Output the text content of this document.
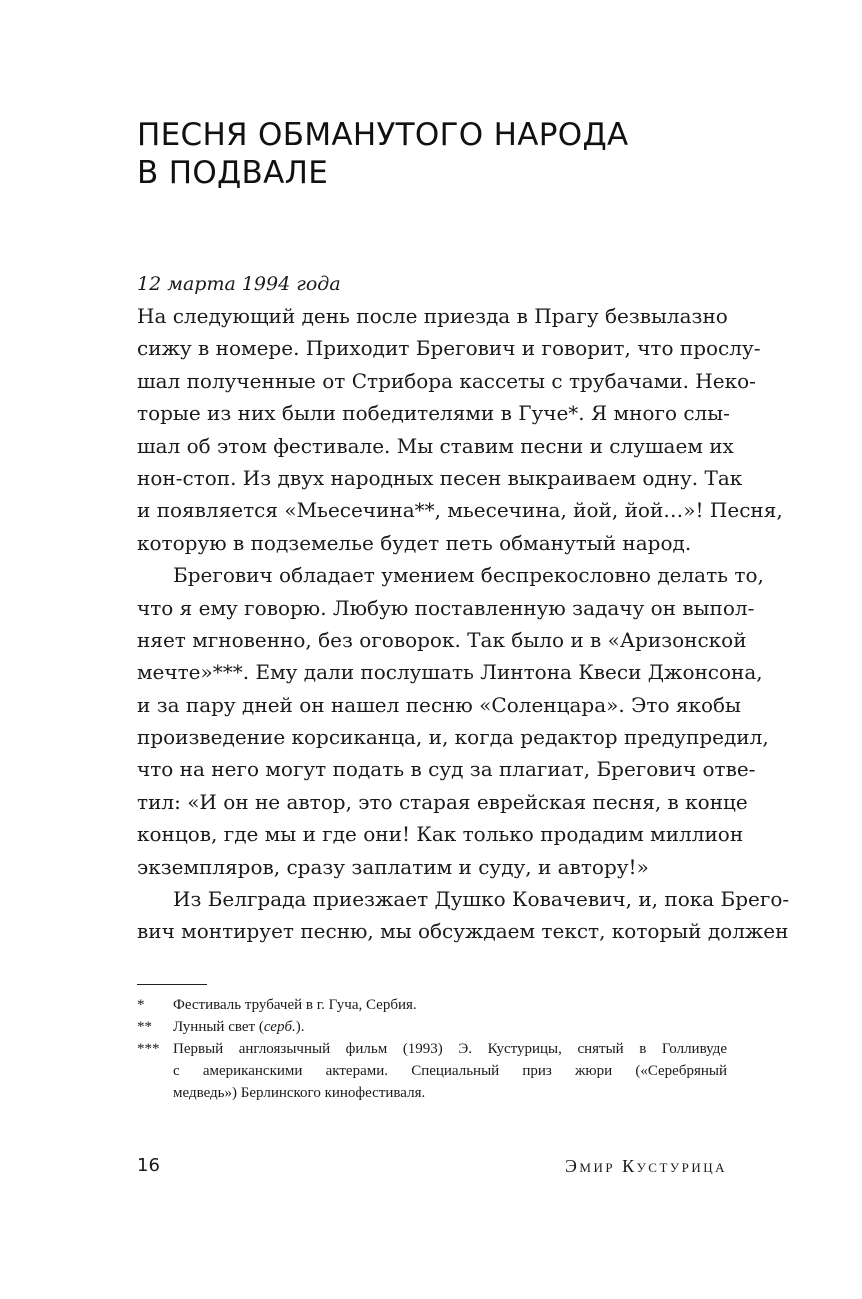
ПЕСНЯ ОБМАНУТОГО НАРОДА
В ПОДВАЛЕ
12 марта 1994 года
На следующий день после приезда в Прагу безвылазно
сижу в номере. Приходит Брегович и говорит, что прослу-
шал полученные от Стрибора кассеты с трубачами. Неко-
торые из них были победителями в Гуче*. Я много слы-
шал об этом фестивале. Мы ставим песни и слушаем их
нон-стоп. Из двух народных песен выкраиваем одну. Так
и появляется «Мьесечина**, мьесечина, йой, йой…»! Песня,
которую в подземелье будет петь обманутый народ.
Брегович обладает умением беспрекословно делать то,
что я ему говорю. Любую поставленную задачу он выпол-
няет мгновенно, без оговорок. Так было и в «Аризонской
мечте»***. Ему дали послушать Линтона Квеси Джонсона,
и за пару дней он нашел песню «Соленцара». Это якобы
произведение корсиканца, и, когда редактор предупредил,
что на него могут подать в суд за плагиат, Брегович отве-
тил: «И он не автор, это старая еврейская песня, в конце
концов, где мы и где они! Как только продадим миллион
экземпляров, сразу заплатим и суду, и автору!»
Из Белграда приезжает Душко Ковачевич, и, пока Брего-
вич монтирует песню, мы обсуждаем текст, который должен
* Фестиваль трубачей в г. Гуча, Сербия.
** Лунный свет (серб.).
*** Первый англоязычный фильм (1993) Э. Кустурицы, снятый в Голливуде
с американскими актерами. Специальный приз жюри («Серебряный
медведь») Берлинского кинофестиваля.
16	Эмир Кустурица
